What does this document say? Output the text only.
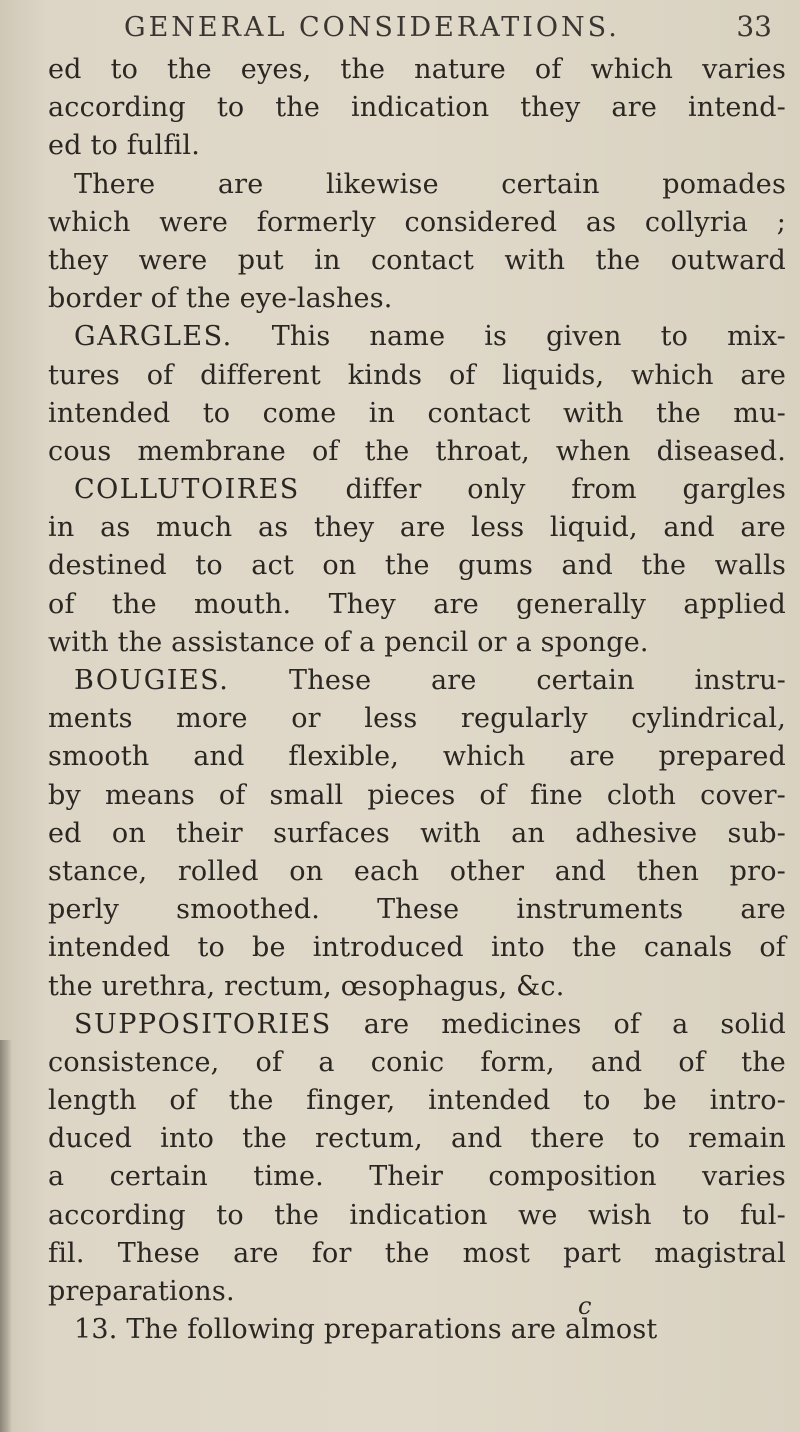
GENERAL CONSIDERATIONS.	33
ed to the eyes, the nature of which varies
according to the indication they are intend-
ed to fulfil.
There are likewise certain pomades
which were formerly considered as collyria ;
they were put in contact with the outward
border of the eye-lashes.
GARGLES. This name is given to mix-
tures of different kinds of liquids, which are
intended to come in contact with the mu-
cous membrane of the throat, when diseased.
COLLUTOIRES differ only from gargles
in as much as they are less liquid, and are
destined to act on the gums and the walls
of the mouth. They are generally applied
with the assistance of a pencil or a sponge.
BOUGIES. These are certain instru-
ments more or less regularly cylindrical,
smooth and flexible, which are prepared
by means of small pieces of fine cloth cover-
ed on their surfaces with an adhesive sub-
stance, rolled on each other and then pro-
perly smoothed. These instruments are
intended to be introduced into the canals of
the urethra, rectum, œsophagus, &c.
SUPPOSITORIES are medicines of a solid
consistence, of a conic form, and of the
length of the finger, intended to be intro-
duced into the rectum, and there to remain
a certain time. Their composition varies
according to the indication we wish to ful-
fil. These are for the most part magistral
preparations.
13. The following preparations are almost
c
